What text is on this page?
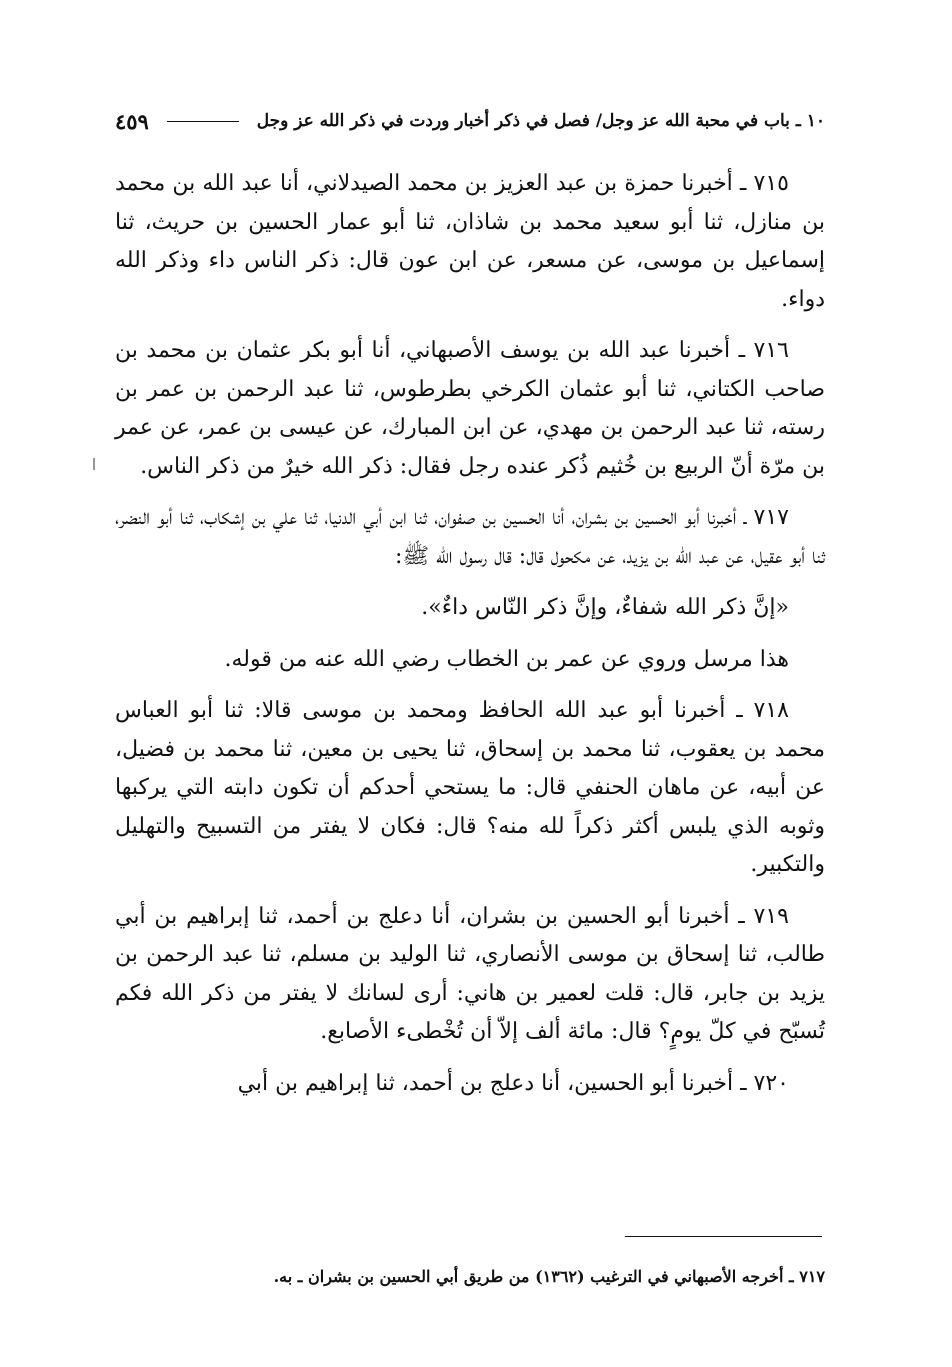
١٠ ـ باب في محبة الله عز وجل/ فصل في ذكر أخبار وردت في ذكر الله عز وجل
٤٥٩

٧١٥ ـ أخبرنا حمزة بن عبد العزيز بن محمد الصيدلاني، أنا عبد الله بن محمد بن منازل، ثنا أبو سعيد محمد بن شاذان، ثنا أبو عمار الحسين بن حريث، ثنا إسماعيل بن موسى، عن مسعر، عن ابن عون قال: ذكر الناس داء وذكر الله دواء.

٧١٦ ـ أخبرنا عبد الله بن يوسف الأصبهاني، أنا أبو بكر عثمان بن محمد بن صاحب الكتاني، ثنا أبو عثمان الكرخي بطرطوس، ثنا عبد الرحمن بن عمر بن رسته، ثنا عبد الرحمن بن مهدي، عن ابن المبارك، عن عيسى بن عمر، عن عمر بن مرّة أنّ الربيع بن خُثيم ذُكر عنده رجل فقال: ذكر الله خيرٌ من ذكر الناس.

٧١٧ ـ أخبرنا أبو الحسين بن بشران، أنا الحسين بن صفوان، ثنا ابن أبي الدنيا، ثنا علي بن إشكاب، ثنا أبو النضر، ثنا أبو عقيل، عن عبد الله بن يزيد، عن مكحول قال: قال رسول الله ﷺ:

«إنَّ ذكر الله شفاءٌ، وإنَّ ذكر النّاس داءٌ».

هذا مرسل وروي عن عمر بن الخطاب رضي الله عنه من قوله.

٧١٨ ـ أخبرنا أبو عبد الله الحافظ ومحمد بن موسى قالا: ثنا أبو العباس محمد بن يعقوب، ثنا محمد بن إسحاق، ثنا يحيى بن معين، ثنا محمد بن فضيل، عن أبيه، عن ماهان الحنفي قال: ما يستحي أحدكم أن تكون دابته التي يركبها وثوبه الذي يلبس أكثر ذكراً لله منه؟ قال: فكان لا يفتر من التسبيح والتهليل والتكبير.

٧١٩ ـ أخبرنا أبو الحسين بن بشران، أنا دعلج بن أحمد، ثنا إبراهيم بن أبي طالب، ثنا إسحاق بن موسى الأنصاري، ثنا الوليد بن مسلم، ثنا عبد الرحمن بن يزيد بن جابر، قال: قلت لعمير بن هاني: أرى لسانك لا يفتر من ذكر الله فكم تُسبّح في كلّ يومٍ؟ قال: مائة ألف إلاّ أن تُخْطىء الأصابع.

٧٢٠ ـ أخبرنا أبو الحسين، أنا دعلج بن أحمد، ثنا إبراهيم بن أبي

٧١٧ ـ أخرجه الأصبهاني في الترغيب (١٣٦٢) من طريق أبي الحسين بن بشران ـ به.
